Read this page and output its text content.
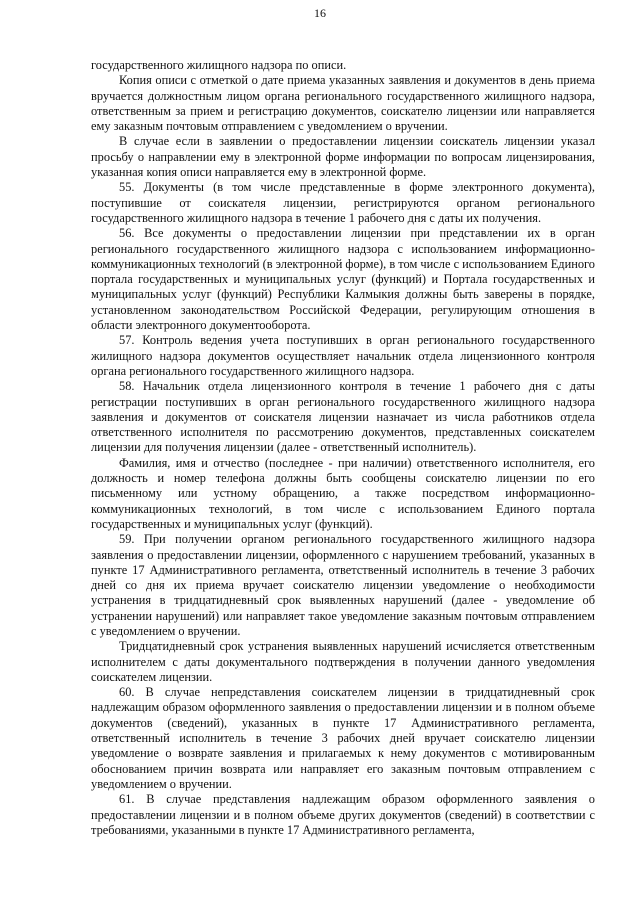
16

государственного жилищного надзора по описи.

Копия описи с отметкой о дате приема указанных заявления и документов в день приема вручается должностным лицом органа регионального государственного жилищного надзора, ответственным за прием и регистрацию документов, соискателю лицензии или направляется ему заказным почтовым отправлением с уведомлением о вручении.

В случае если в заявлении о предоставлении лицензии соискатель лицензии указал просьбу о направлении ему в электронной форме информации по вопросам лицензирования, указанная копия описи направляется ему в электронной форме.

55. Документы (в том числе представленные в форме электронного документа), поступившие от соискателя лицензии, регистрируются органом регионального государственного жилищного надзора в течение 1 рабочего дня с даты их получения.

56. Все документы о предоставлении лицензии при представлении их в орган регионального государственного жилищного надзора с использованием информационно-коммуникационных технологий (в электронной форме), в том числе с использованием Единого портала государственных и муниципальных услуг (функций) и Портала государственных и муниципальных услуг (функций) Республики Калмыкия должны быть заверены в порядке, установленном законодательством Российской Федерации, регулирующим отношения в области электронного документооборота.

57. Контроль ведения учета поступивших в орган регионального государственного жилищного надзора документов осуществляет начальник отдела лицензионного контроля органа регионального государственного жилищного надзора.

58. Начальник отдела лицензионного контроля в течение 1 рабочего дня с даты регистрации поступивших в орган регионального государственного жилищного надзора заявления и документов от соискателя лицензии назначает из числа работников отдела ответственного исполнителя по рассмотрению документов, представленных соискателем лицензии для получения лицензии (далее - ответственный исполнитель).

Фамилия, имя и отчество (последнее - при наличии) ответственного исполнителя, его должность и номер телефона должны быть сообщены соискателю лицензии по его письменному или устному обращению, а также посредством информационно-коммуникационных технологий, в том числе с использованием Единого портала государственных и муниципальных услуг (функций).

59. При получении органом регионального государственного жилищного надзора заявления о предоставлении лицензии, оформленного с нарушением требований, указанных в пункте 17 Административного регламента, ответственный исполнитель в течение 3 рабочих дней со дня их приема вручает соискателю лицензии уведомление о необходимости устранения в тридцатидневный срок выявленных нарушений (далее - уведомление об устранении нарушений) или направляет такое уведомление заказным почтовым отправлением с уведомлением о вручении.

Тридцатидневный срок устранения выявленных нарушений исчисляется ответственным исполнителем с даты документального подтверждения в получении данного уведомления соискателем лицензии.

60. В случае непредставления соискателем лицензии в тридцатидневный срок надлежащим образом оформленного заявления о предоставлении лицензии и в полном объеме документов (сведений), указанных в пункте 17 Административного регламента, ответственный исполнитель в течение 3 рабочих дней вручает соискателю лицензии уведомление о возврате заявления и прилагаемых к нему документов с мотивированным обоснованием причин возврата или направляет его заказным почтовым отправлением с уведомлением о вручении.

61. В случае представления надлежащим образом оформленного заявления о предоставлении лицензии и в полном объеме других документов (сведений) в соответствии с требованиями, указанными в пункте 17 Административного регламента,
